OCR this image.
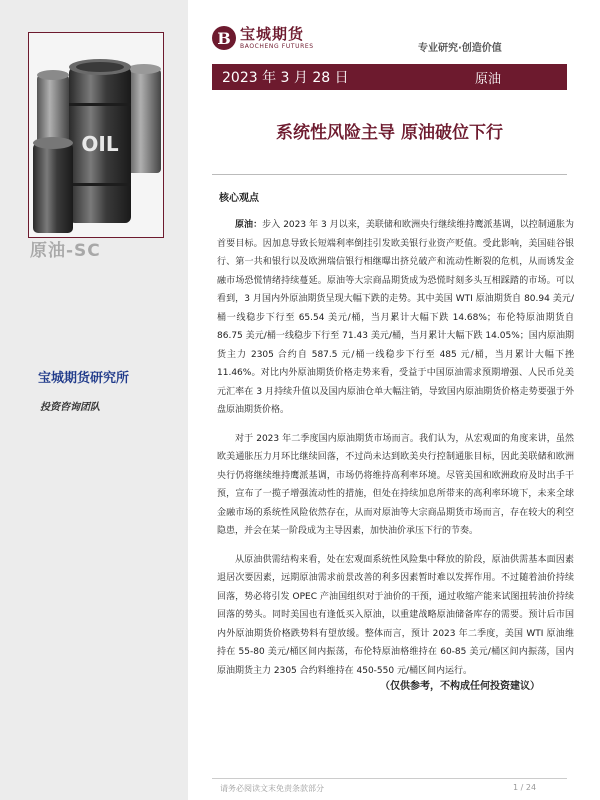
OIL
原油-SC
宝城期货研究所
投资咨询团队
B 宝城期货
BAOCHENG FUTURES	专业研究·创造价值
2023 年 3 月 28 日	原油
系统性风险主导 原油破位下行
核心观点

原油：步入 2023 年 3 月以来，美联储和欧洲央行继续维持鹰派基调，以控制通胀为首要目标。因加息导致长短端利率倒挂引发欧美银行业资产贬值。受此影响，美国硅谷银行、第一共和银行以及欧洲瑞信银行相继曝出挤兑破产和流动性断裂的危机，从而诱发金融市场恐慌情绪持续蔓延。原油等大宗商品期货成为恐慌时刻多头互相踩踏的市场。可以看到，3 月国内外原油期货呈现大幅下跌的走势。其中美国 WTI 原油期货自 80.94 美元/桶一线稳步下行至 65.54 美元/桶，当月累计大幅下跌 14.68%；布伦特原油期货自 86.75 美元/桶一线稳步下行至 71.43 美元/桶，当月累计大幅下跌 14.05%；国内原油期货主力 2305 合约自 587.5 元/桶一线稳步下行至 485 元/桶，当月累计大幅下挫 11.46%。对比内外原油期货价格走势来看，受益于中国原油需求预期增强、人民币兑美元汇率在 3 月持续升值以及国内原油仓单大幅注销，导致国内原油期货价格走势要强于外盘原油期货价格。

对于 2023 年二季度国内原油期货市场而言。我们认为，从宏观面的角度来讲，虽然欧美通胀压力月环比继续回落，不过尚未达到欧美央行控制通胀目标，因此美联储和欧洲央行仍将继续维持鹰派基调，市场仍将维持高利率环境。尽管美国和欧洲政府及时出手干预，宣布了一揽子增强流动性的措施，但处在持续加息所带来的高利率环境下，未来全球金融市场的系统性风险依然存在，从而对原油等大宗商品期货市场而言，存在较大的利空隐患，并会在某一阶段成为主导因素，加快油价承压下行的节奏。

从原油供需结构来看，处在宏观面系统性风险集中释放的阶段，原油供需基本面因素退居次要因素，远期原油需求前景改善的利多因素暂时难以发挥作用。不过随着油价持续回落，势必将引发 OPEC 产油国组织对于油价的干预，通过收缩产能来试图扭转油价持续回落的势头。同时美国也有逢低买入原油，以重建战略原油储备库存的需要。预计后市国内外原油期货价格跌势料有望放缓。整体而言，预计 2023 年二季度，美国 WTI 原油维持在 55-80 美元/桶区间内振荡，布伦特原油格维持在 60-85 美元/桶区间内振荡，国内原油期货主力 2305 合约料维持在 450-550 元/桶区间内运行。

（仅供参考，不构成任何投资建议）
请务必阅读文末免责条款部分	1 / 24
